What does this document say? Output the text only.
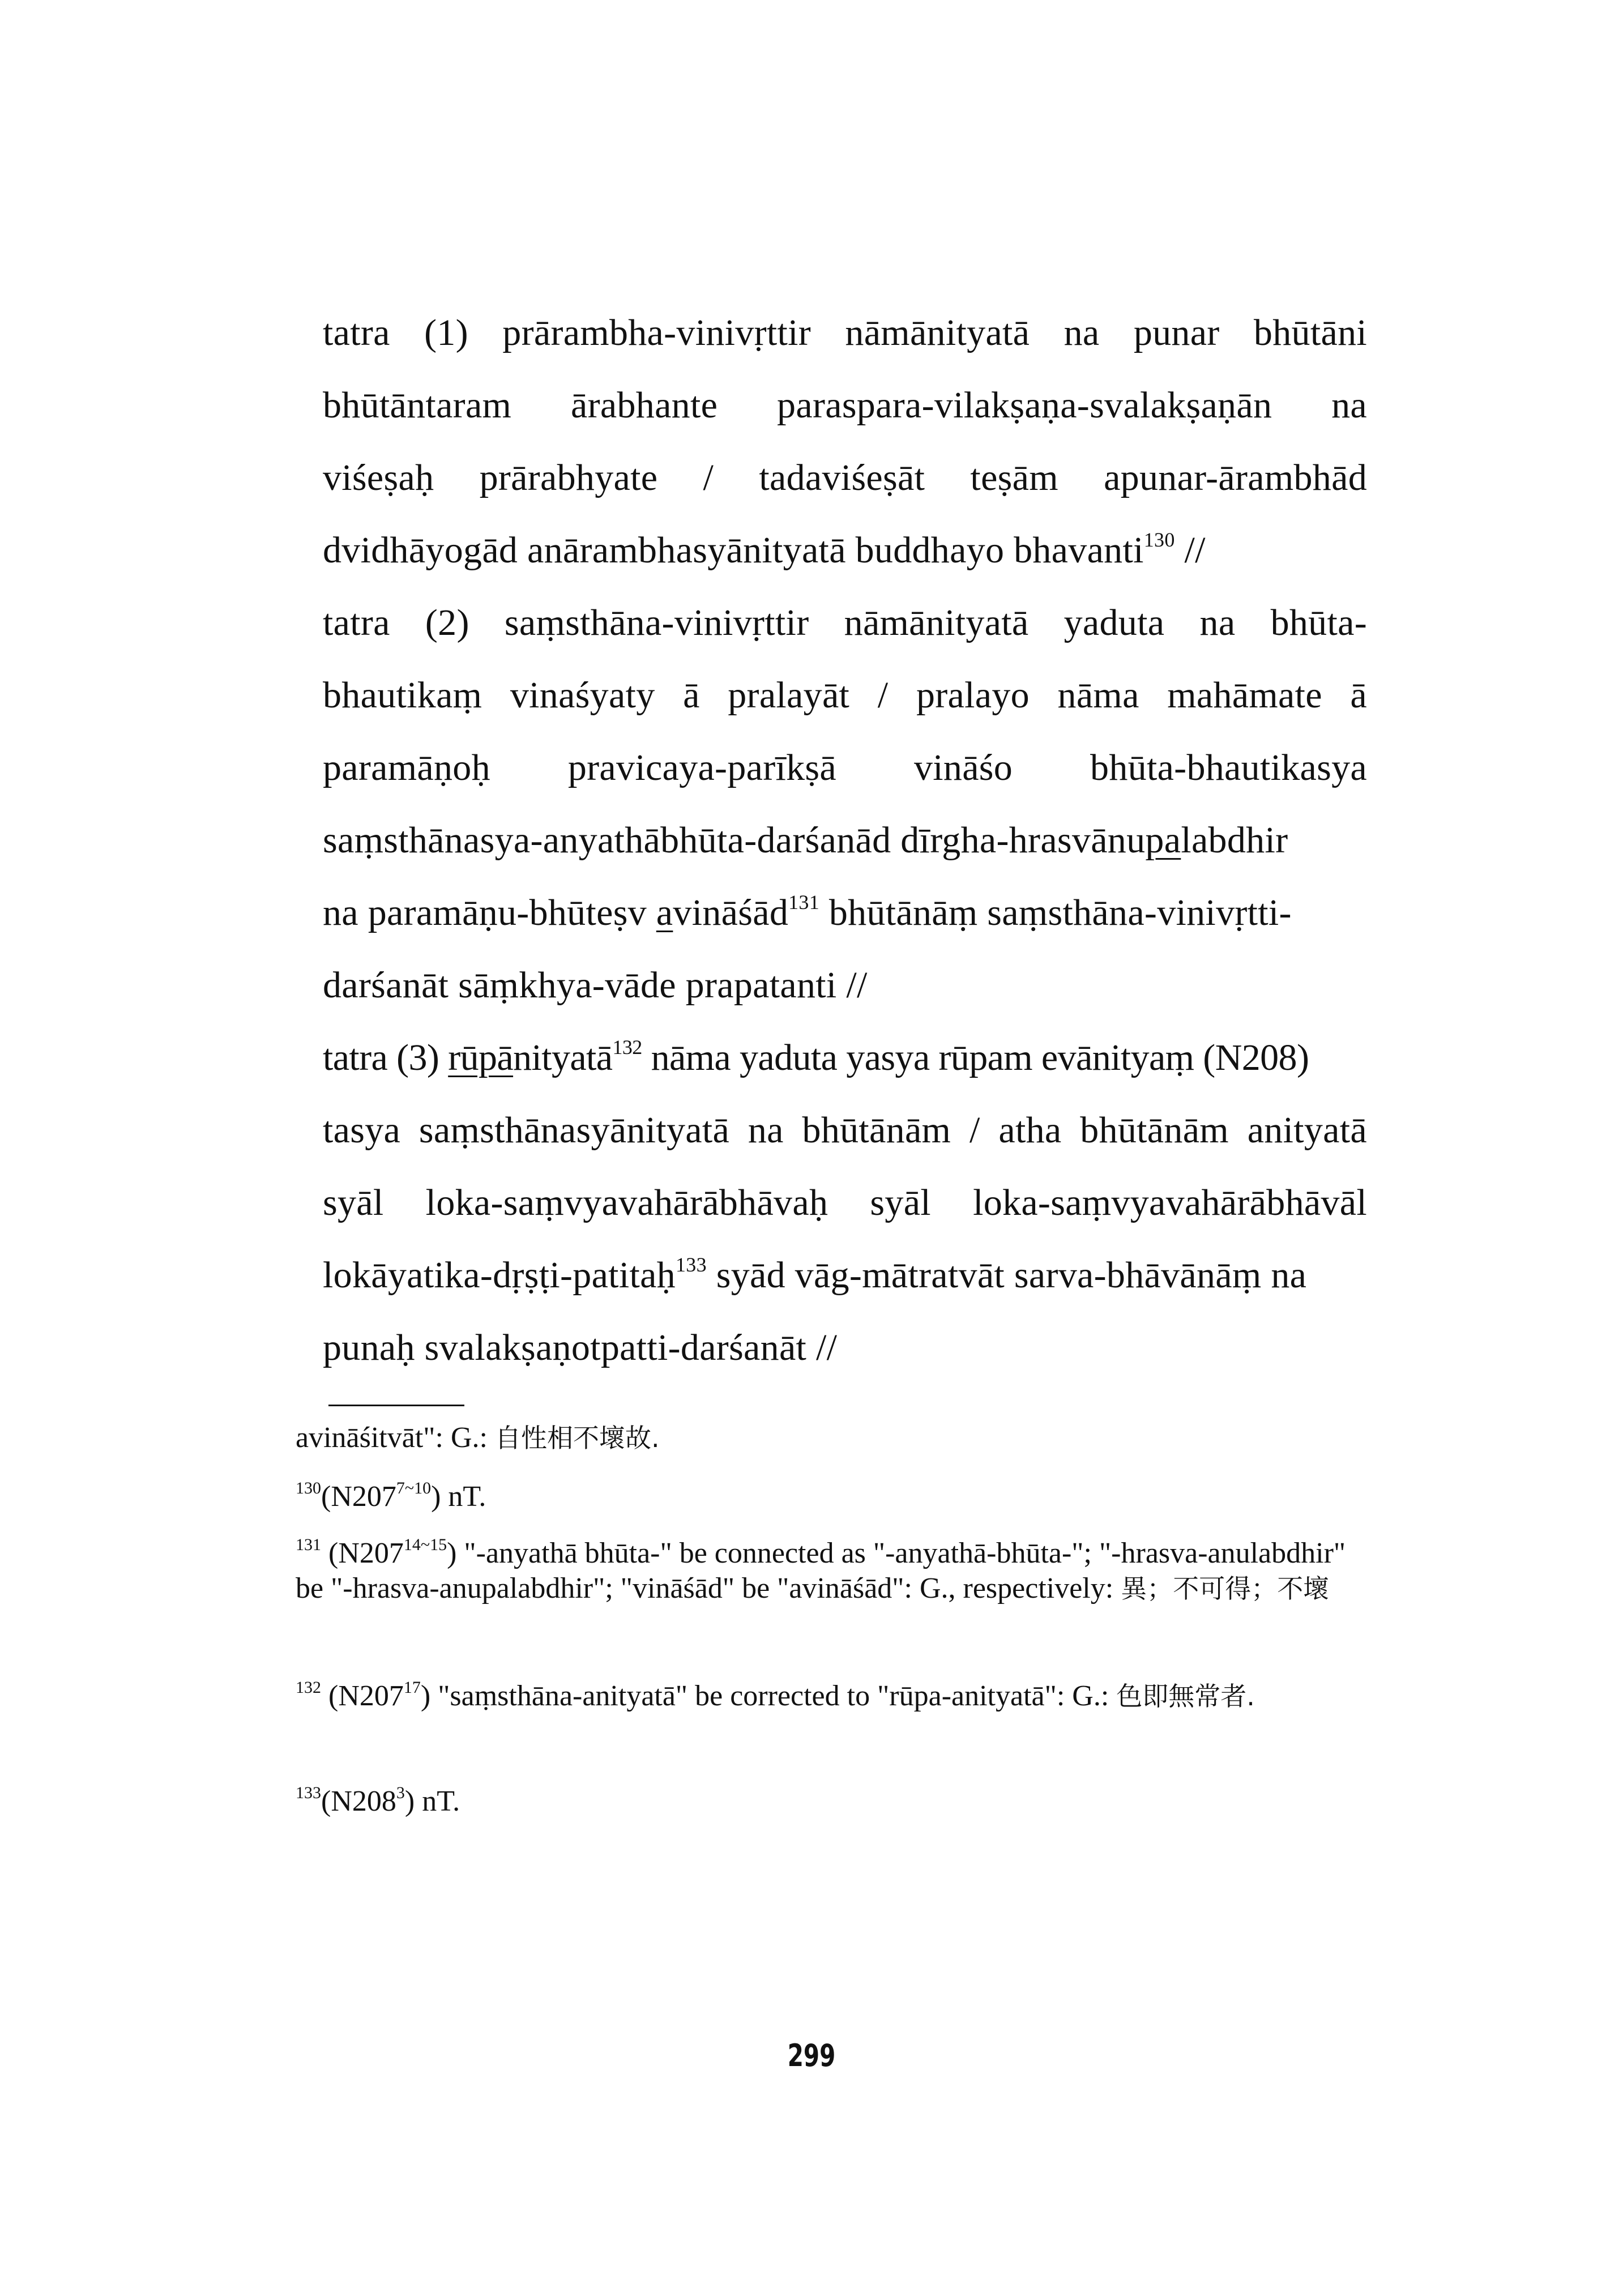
tatra (1) prārambha-vinivṛttir nāmānityatā na punar bhūtāni
bhūtāntaram ārabhante paraspara-vilakṣaṇa-svalakṣaṇān na
viśeṣaḥ prārabhyate / tadaviśeṣāt teṣām apunar-ārambhād
dvidhāyogād anārambhasyānityatā buddhayo bhavanti$^{130}$ //
tatra (2) saṃsthāna-vinivṛttir nāmānityatā yaduta na bhūta-
bhautikaṃ vinaśyaty ā pralayāt / pralayo nāma mahāmate ā
paramāṇoḥ pravicaya-parīkṣā vināśo bhūta-bhautikasya
saṃsthānasya-anyathābhūta-darśanād dīrgha-hrasvānupalabdhir
na paramāṇu-bhūteṣv avināśād$^{131}$ bhūtānāṃ saṃsthāna-vinivṛtti-
darśanāt sāṃkhya-vāde prapatanti //
tatra (3) rūpānityatā$^{132}$ nāma yaduta yasya rūpam evānityaṃ (N208)
tasya saṃsthānasyānityatā na bhūtānām / atha bhūtānām anityatā
syāl loka-saṃvyavahārābhāvaḥ syāl loka-saṃvyavahārābhāvāl
lokāyatika-dṛṣṭi-patitaḥ$^{133}$ syād vāg-mātratvāt sarva-bhāvānāṃ na
punaḥ svalakṣaṇotpatti-darśanāt //
avināśitvāt": G.: 自性相不壞故.
$^{130}(N207^{7\sim 10})$ nT.
$^{131}$ $(N207^{14\sim 15})$ "-anyathā bhūta-" be connected as "-anyathā-bhūta-"; "-hrasva-anulabdhir" be "-hrasva-anupalabdhir"; "vināśād" be "avināśād": G., respectively: 異；不可得；不壞
$^{132}$ $(N207^{17})$ "saṃsthāna-anityatā" be corrected to "rūpa-anityatā": G.: 色即無常者.
$^{133}(N208^3)$ nT.
299
